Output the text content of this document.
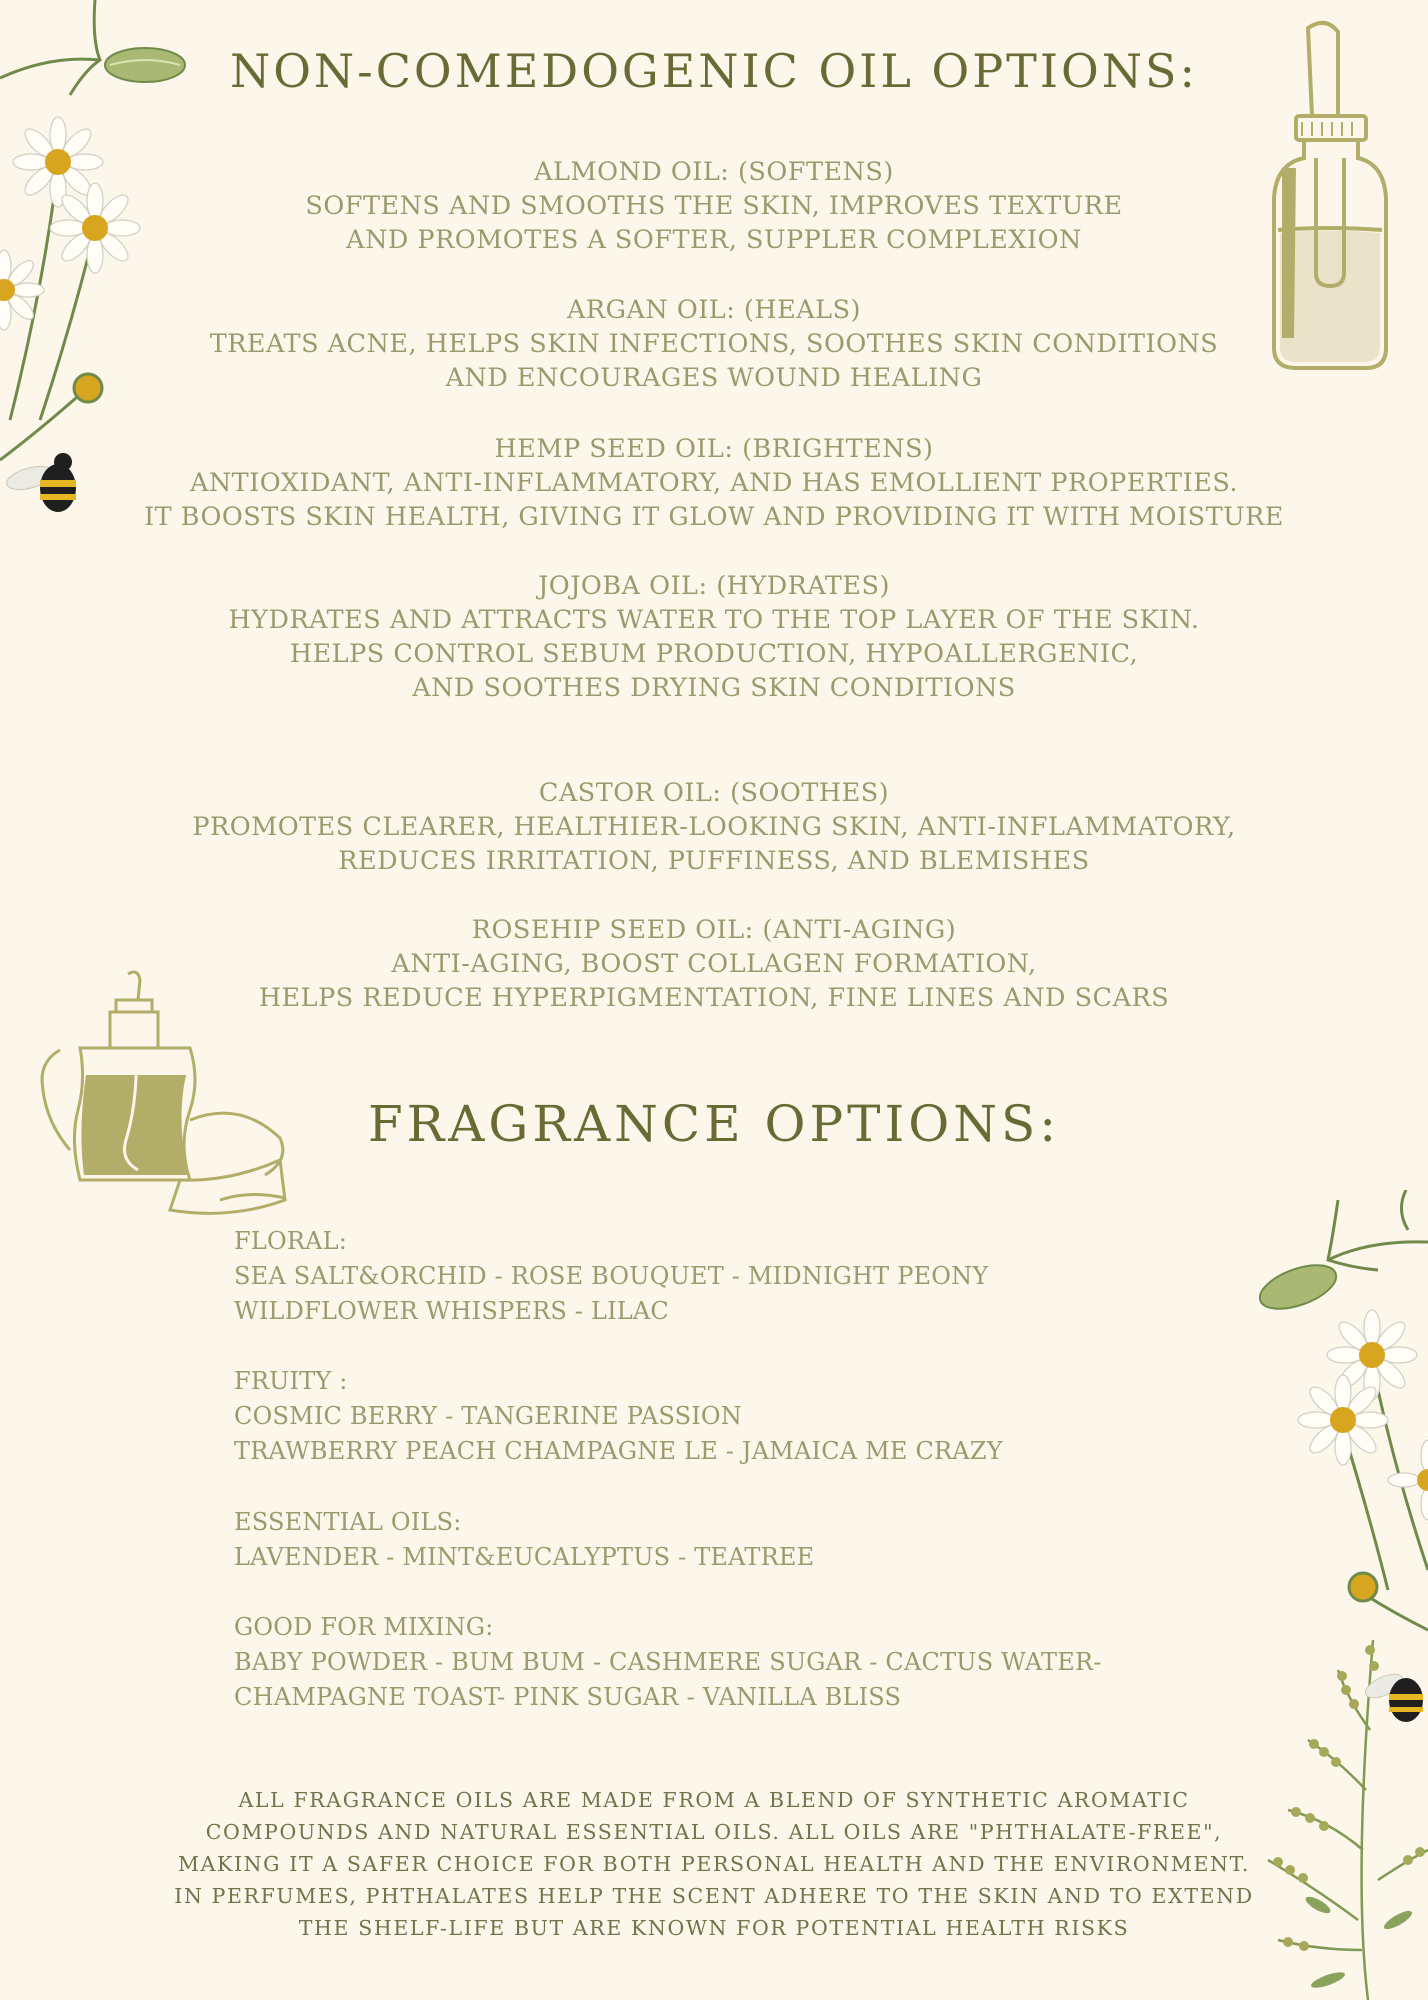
NON-COMEDOGENIC OIL OPTIONS:
ALMOND OIL: (SOFTENS)
SOFTENS AND SMOOTHS THE SKIN, IMPROVES TEXTURE
AND PROMOTES A SOFTER, SUPPLER COMPLEXION
ARGAN OIL: (HEALS)
TREATS ACNE, HELPS SKIN INFECTIONS, SOOTHES SKIN CONDITIONS
AND ENCOURAGES WOUND HEALING
HEMP SEED OIL: (BRIGHTENS)
ANTIOXIDANT, ANTI-INFLAMMATORY, AND HAS EMOLLIENT PROPERTIES.
IT BOOSTS SKIN HEALTH, GIVING IT GLOW AND PROVIDING IT WITH MOISTURE
JOJOBA OIL: (HYDRATES)
HYDRATES AND ATTRACTS WATER TO THE TOP LAYER OF THE SKIN.
HELPS CONTROL SEBUM PRODUCTION, HYPOALLERGENIC,
AND SOOTHES DRYING SKIN CONDITIONS
CASTOR OIL: (SOOTHES)
PROMOTES CLEARER, HEALTHIER-LOOKING SKIN, ANTI-INFLAMMATORY,
REDUCES IRRITATION, PUFFINESS, AND BLEMISHES
ROSEHIP SEED OIL: (ANTI-AGING)
ANTI-AGING, BOOST COLLAGEN FORMATION,
HELPS REDUCE HYPERPIGMENTATION, FINE LINES AND SCARS
FRAGRANCE OPTIONS:
FLORAL:
SEA SALT&ORCHID - ROSE BOUQUET - MIDNIGHT PEONY
WILDFLOWER WHISPERS - LILAC
FRUITY :
COSMIC BERRY - TANGERINE PASSION
TRAWBERRY PEACH CHAMPAGNE LE - JAMAICA ME CRAZY
ESSENTIAL OILS:
LAVENDER - MINT&EUCALYPTUS - TEATREE
GOOD FOR MIXING:
BABY POWDER - BUM BUM - CASHMERE SUGAR - CACTUS WATER-
CHAMPAGNE TOAST- PINK SUGAR - VANILLA BLISS
ALL FRAGRANCE OILS ARE MADE FROM A BLEND OF SYNTHETIC AROMATIC
COMPOUNDS AND NATURAL ESSENTIAL OILS. ALL OILS ARE "PHTHALATE-FREE",
MAKING IT A SAFER CHOICE FOR BOTH PERSONAL HEALTH AND THE ENVIRONMENT.
IN PERFUMES, PHTHALATES HELP THE SCENT ADHERE TO THE SKIN AND TO EXTEND
THE SHELF-LIFE BUT ARE KNOWN FOR POTENTIAL HEALTH RISKS
